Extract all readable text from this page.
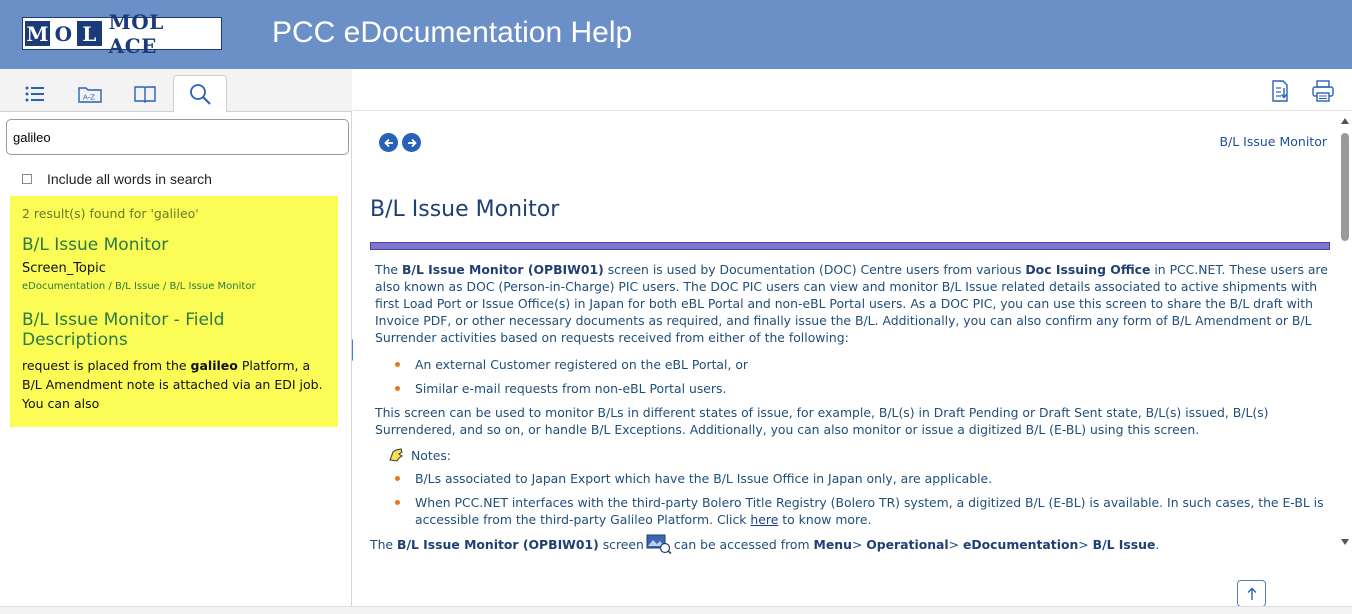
M O L MOL ACE	PCC eDocumentation Help
A-Z
galileo
Include all words in search
2 result(s) found for 'galileo'
B/L Issue Monitor
Screen_Topic
eDocumentation / B/L Issue / B/L Issue Monitor
B/L Issue Monitor - Field Descriptions
request is placed from the galileo Platform, a B/L Amendment note is attached via an EDI job. You can also
B/L Issue Monitor
B/L Issue Monitor

The B/L Issue Monitor (OPBIW01) screen is used by Documentation (DOC) Centre users from various Doc Issuing Office in PCC.NET. These users are also known as DOC (Person-in-Charge) PIC users. The DOC PIC users can view and monitor B/L Issue related details associated to active shipments with first Load Port or Issue Office(s) in Japan for both eBL Portal and non-eBL Portal users. As a DOC PIC, you can use this screen to share the B/L draft with Invoice PDF, or other necessary documents as required, and finally issue the B/L. Additionally, you can also confirm any form of B/L Amendment or B/L Surrender activities based on requests received from either of the following:

An external Customer registered on the eBL Portal, or
Similar e-mail requests from non-eBL Portal users.

This screen can be used to monitor B/Ls in different states of issue, for example, B/L(s) in Draft Pending or Draft Sent state, B/L(s) issued, B/L(s) Surrendered, and so on, or handle B/L Exceptions. Additionally, you can also monitor or issue a digitized B/L (E-BL) using this screen.

Notes:
B/Ls associated to Japan Export which have the B/L Issue Office in Japan only, are applicable.
When PCC.NET interfaces with the third-party Bolero Title Registry (Bolero TR) system, a digitized B/L (E-BL) is available. In such cases, the E-BL is accessible from the third-party Galileo Platform. Click here to know more.
The
B/L Issue Monitor (OPBIW01)
screen can be accessed from
Menu >
Operational >
eDocumentation >
B/L Issue .
